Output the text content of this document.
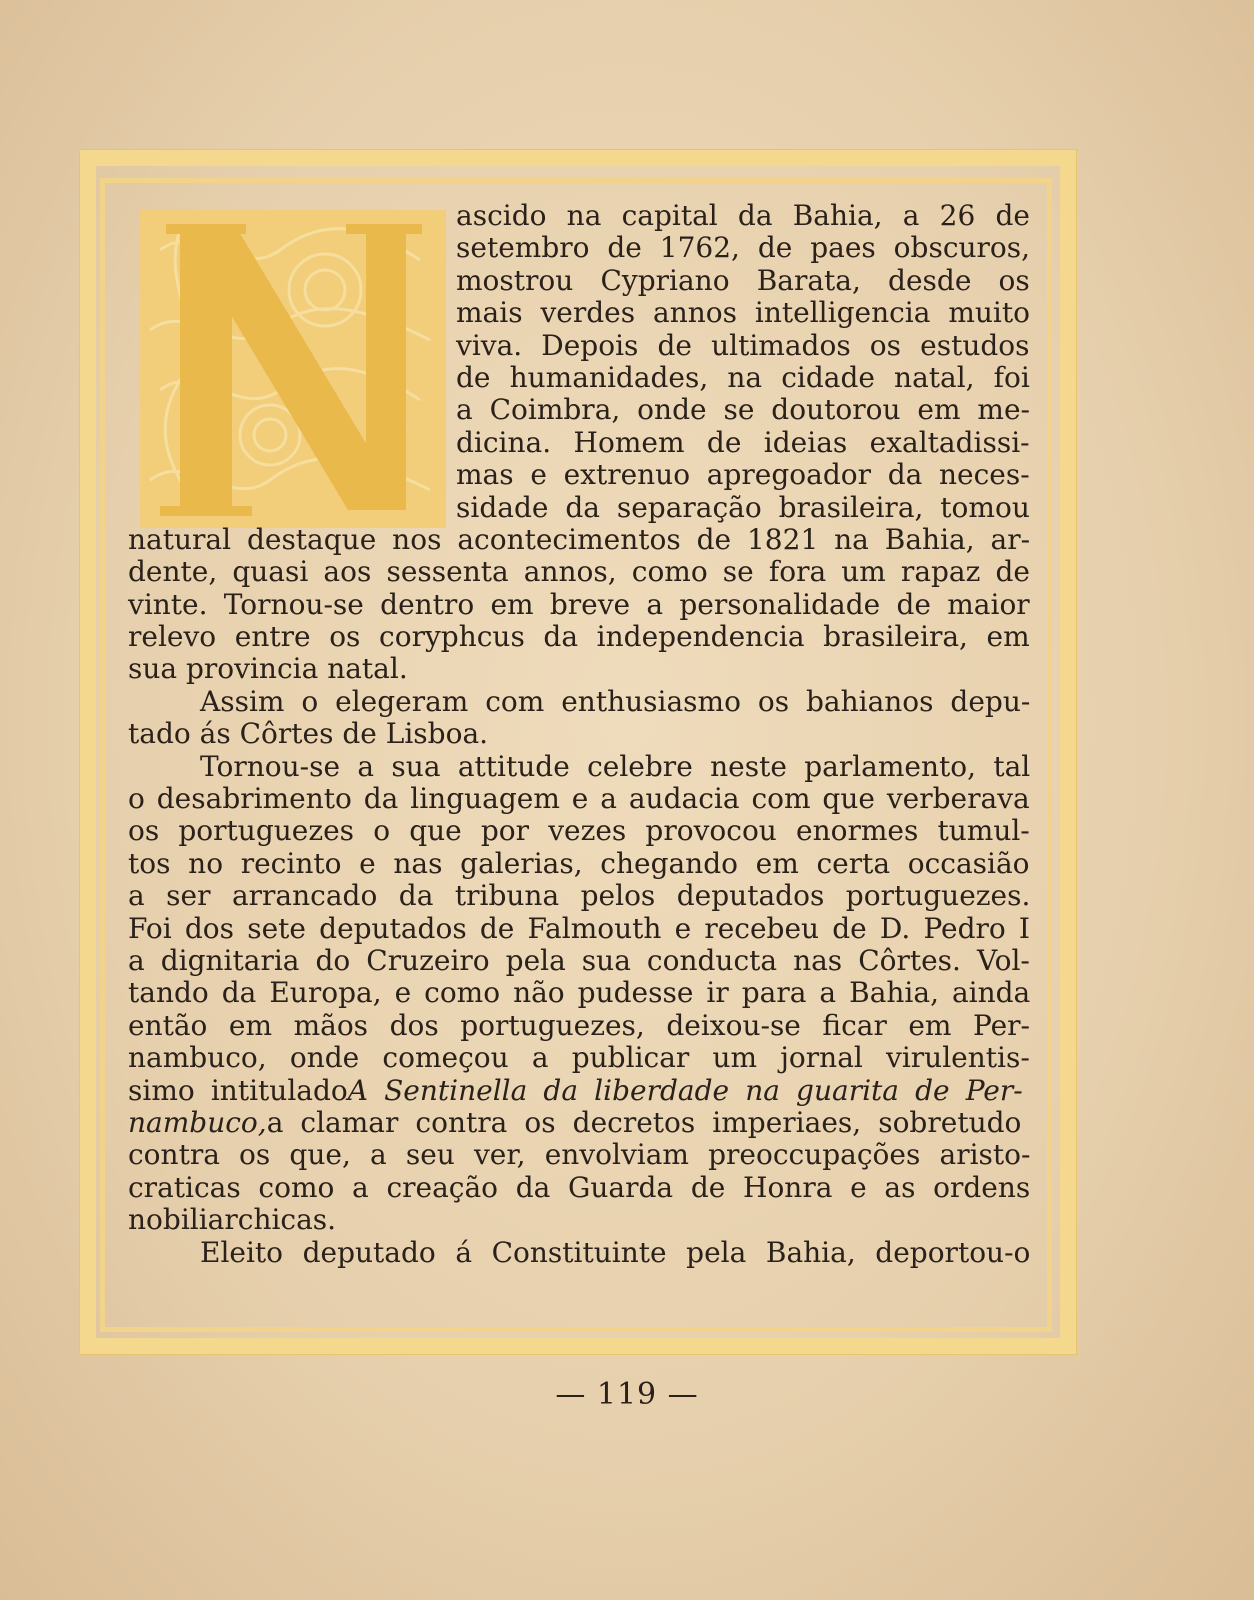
N
ascido na capital da Bahia, a 26 de
setembro de 1762, de paes obscuros,
mostrou Cypriano Barata, desde os
mais verdes annos intelligencia muito
viva. Depois de ultimados os estudos
de humanidades, na cidade natal, foi
a Coimbra, onde se doutorou em me-
dicina. Homem de ideias exaltadissi-
mas e extrenuo apregoador da neces-
sidade da separação brasileira, tomou
natural destaque nos acontecimentos de 1821 na Bahia, ar-
dente, quasi aos sessenta annos, como se fora um rapaz de
vinte. Tornou-se dentro em breve a personalidade de maior
relevo entre os coryphcus da independencia brasileira, em
sua provincia natal.
Assim o elegeram com enthusiasmo os bahianos depu-
tado ás Côrtes de Lisboa.
Tornou-se a sua attitude celebre neste parlamento, tal
o desabrimento da linguagem e a audacia com que verberava
os portuguezes o que por vezes provocou enormes tumul-
tos no recinto e nas galerias, chegando em certa occasião
a ser arrancado da tribuna pelos deputados portuguezes.
Foi dos sete deputados de Falmouth e recebeu de D. Pedro I
a dignitaria do Cruzeiro pela sua conducta nas Côrtes. Vol-
tando da Europa, e como não pudesse ir para a Bahia, ainda
então em mãos dos portuguezes, deixou-se ficar em Per-
nambuco, onde começou a publicar um jornal virulentis-
simo intituladoA Sentinella da liberdade na guarita de Per-
nambuco,a clamar contra os decretos imperiaes, sobretudo
contra os que, a seu ver, envolviam preoccupações aristo-
craticas como a creação da Guarda de Honra e as ordens
nobiliarchicas.
Eleito deputado á Constituinte pela Bahia, deportou-o
— 119 —
